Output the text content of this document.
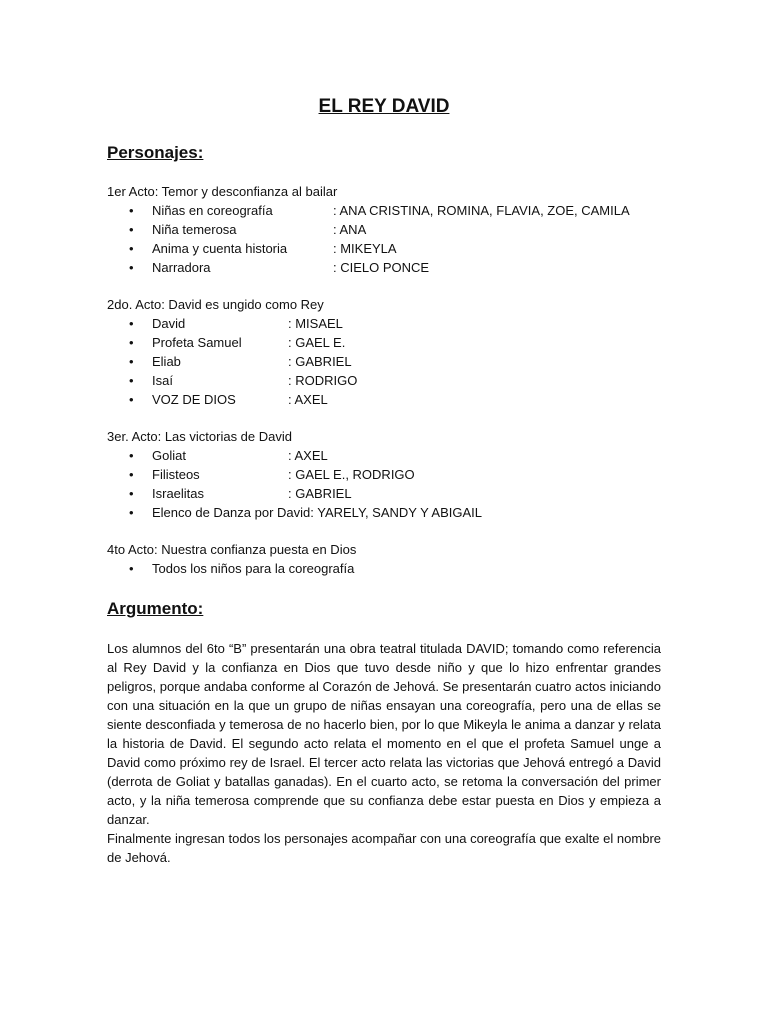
EL REY DAVID
Personajes:

1er Acto: Temor y desconfianza al bailar

• Niñas en coreografía	: ANA CRISTINA, ROMINA, FLAVIA, ZOE, CAMILA
• Niña temerosa	: ANA
• Anima y cuenta historia	: MIKEYLA
• Narradora	: CIELO PONCE

2do. Acto: David es ungido como Rey

• David	: MISAEL
• Profeta Samuel	: GAEL E.
• Eliab	: GABRIEL
• Isaí	: RODRIGO
• VOZ DE DIOS	: AXEL

3er. Acto: Las victorias de David

• Goliat	: AXEL
• Filisteos	: GAEL E., RODRIGO
• Israelitas	: GABRIEL
• Elenco de Danza por David: YARELY, SANDY Y ABIGAIL

4to Acto: Nuestra confianza puesta en Dios

• Todos los niños para la coreografía
Argumento:

Los alumnos del 6to “B” presentarán una obra teatral titulada DAVID; tomando como referencia al Rey David y la confianza en Dios que tuvo desde niño y que lo hizo enfrentar grandes peligros, porque andaba conforme al Corazón de Jehová. Se presentarán cuatro actos iniciando con una situación en la que un grupo de niñas ensayan una coreografía, pero una de ellas se siente desconfiada y temerosa de no hacerlo bien, por lo que Mikeyla le anima a danzar y relata la historia de David. El segundo acto relata el momento en el que el profeta Samuel unge a David como próximo rey de Israel. El tercer acto relata las victorias que Jehová entregó a David (derrota de Goliat y batallas ganadas). En el cuarto acto, se retoma la conversación del primer acto, y la niña temerosa comprende que su confianza debe estar puesta en Dios y empieza a danzar.

Finalmente ingresan todos los personajes acompañar con una coreografía que exalte el nombre de Jehová.
